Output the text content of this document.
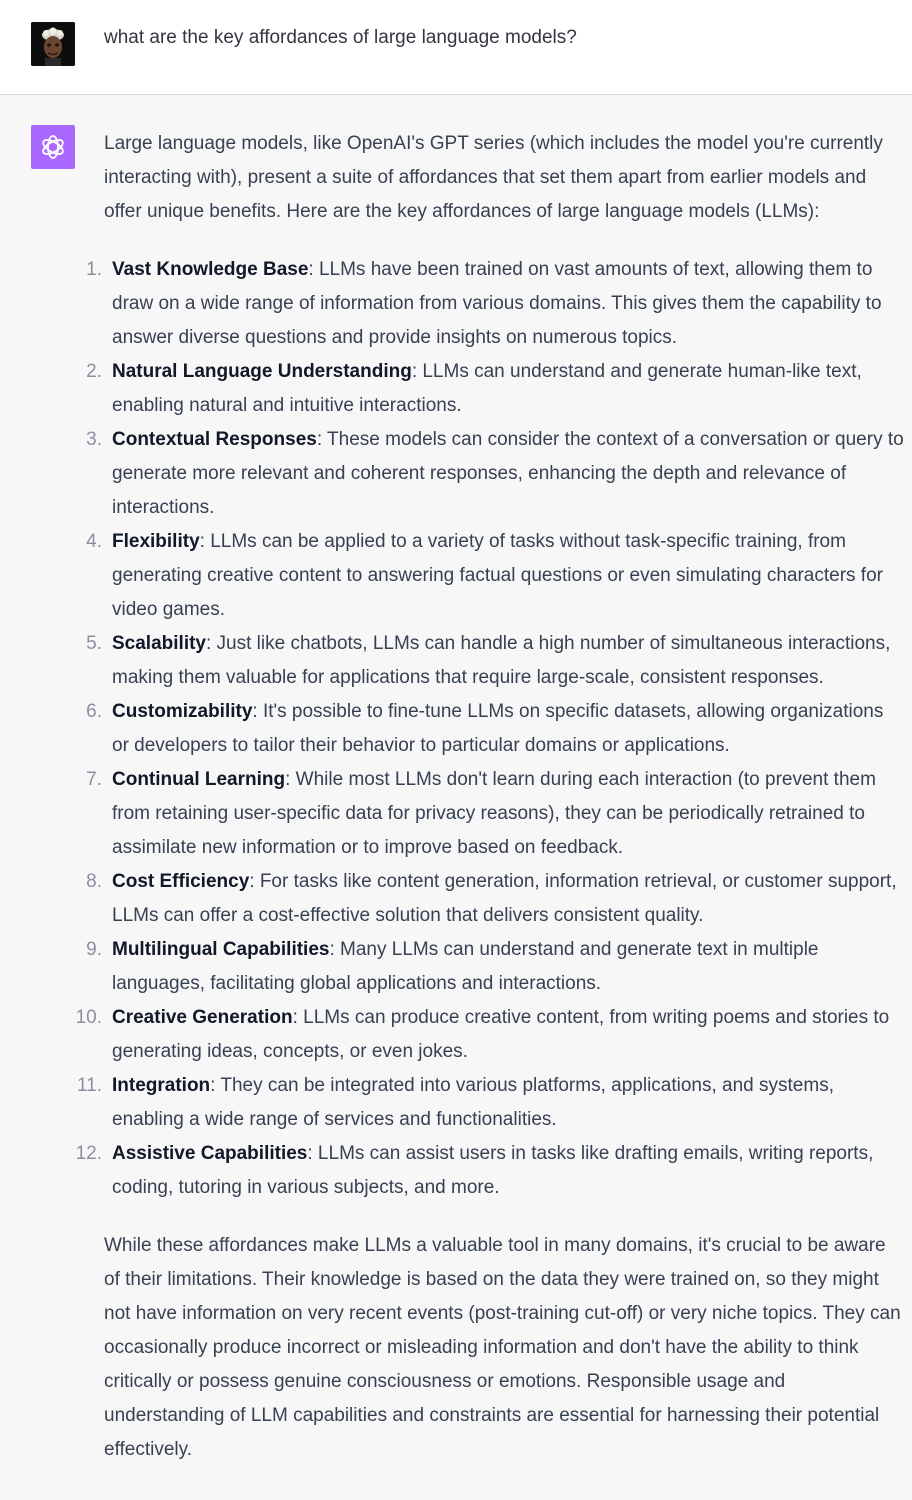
what are the key affordances of large language models?

Large language models, like OpenAI's GPT series (which includes the model you're currently interacting with), present a suite of affordances that set them apart from earlier models and offer unique benefits. Here are the key affordances of large language models (LLMs):

1. Vast Knowledge Base: LLMs have been trained on vast amounts of text, allowing them to draw on a wide range of information from various domains. This gives them the capability to answer diverse questions and provide insights on numerous topics.
2. Natural Language Understanding: LLMs can understand and generate human-like text, enabling natural and intuitive interactions.
3. Contextual Responses: These models can consider the context of a conversation or query to generate more relevant and coherent responses, enhancing the depth and relevance of interactions.
4. Flexibility: LLMs can be applied to a variety of tasks without task-specific training, from generating creative content to answering factual questions or even simulating characters for video games.
5. Scalability: Just like chatbots, LLMs can handle a high number of simultaneous interactions, making them valuable for applications that require large-scale, consistent responses.
6. Customizability: It's possible to fine-tune LLMs on specific datasets, allowing organizations or developers to tailor their behavior to particular domains or applications.
7. Continual Learning: While most LLMs don't learn during each interaction (to prevent them from retaining user-specific data for privacy reasons), they can be periodically retrained to assimilate new information or to improve based on feedback.
8. Cost Efficiency: For tasks like content generation, information retrieval, or customer support, LLMs can offer a cost-effective solution that delivers consistent quality.
9. Multilingual Capabilities: Many LLMs can understand and generate text in multiple languages, facilitating global applications and interactions.
10. Creative Generation: LLMs can produce creative content, from writing poems and stories to generating ideas, concepts, or even jokes.
11. Integration: They can be integrated into various platforms, applications, and systems, enabling a wide range of services and functionalities.
12. Assistive Capabilities: LLMs can assist users in tasks like drafting emails, writing reports, coding, tutoring in various subjects, and more.

While these affordances make LLMs a valuable tool in many domains, it's crucial to be aware of their limitations. Their knowledge is based on the data they were trained on, so they might not have information on very recent events (post-training cut-off) or very niche topics. They can occasionally produce incorrect or misleading information and don't have the ability to think critically or possess genuine consciousness or emotions. Responsible usage and understanding of LLM capabilities and constraints are essential for harnessing their potential effectively.
